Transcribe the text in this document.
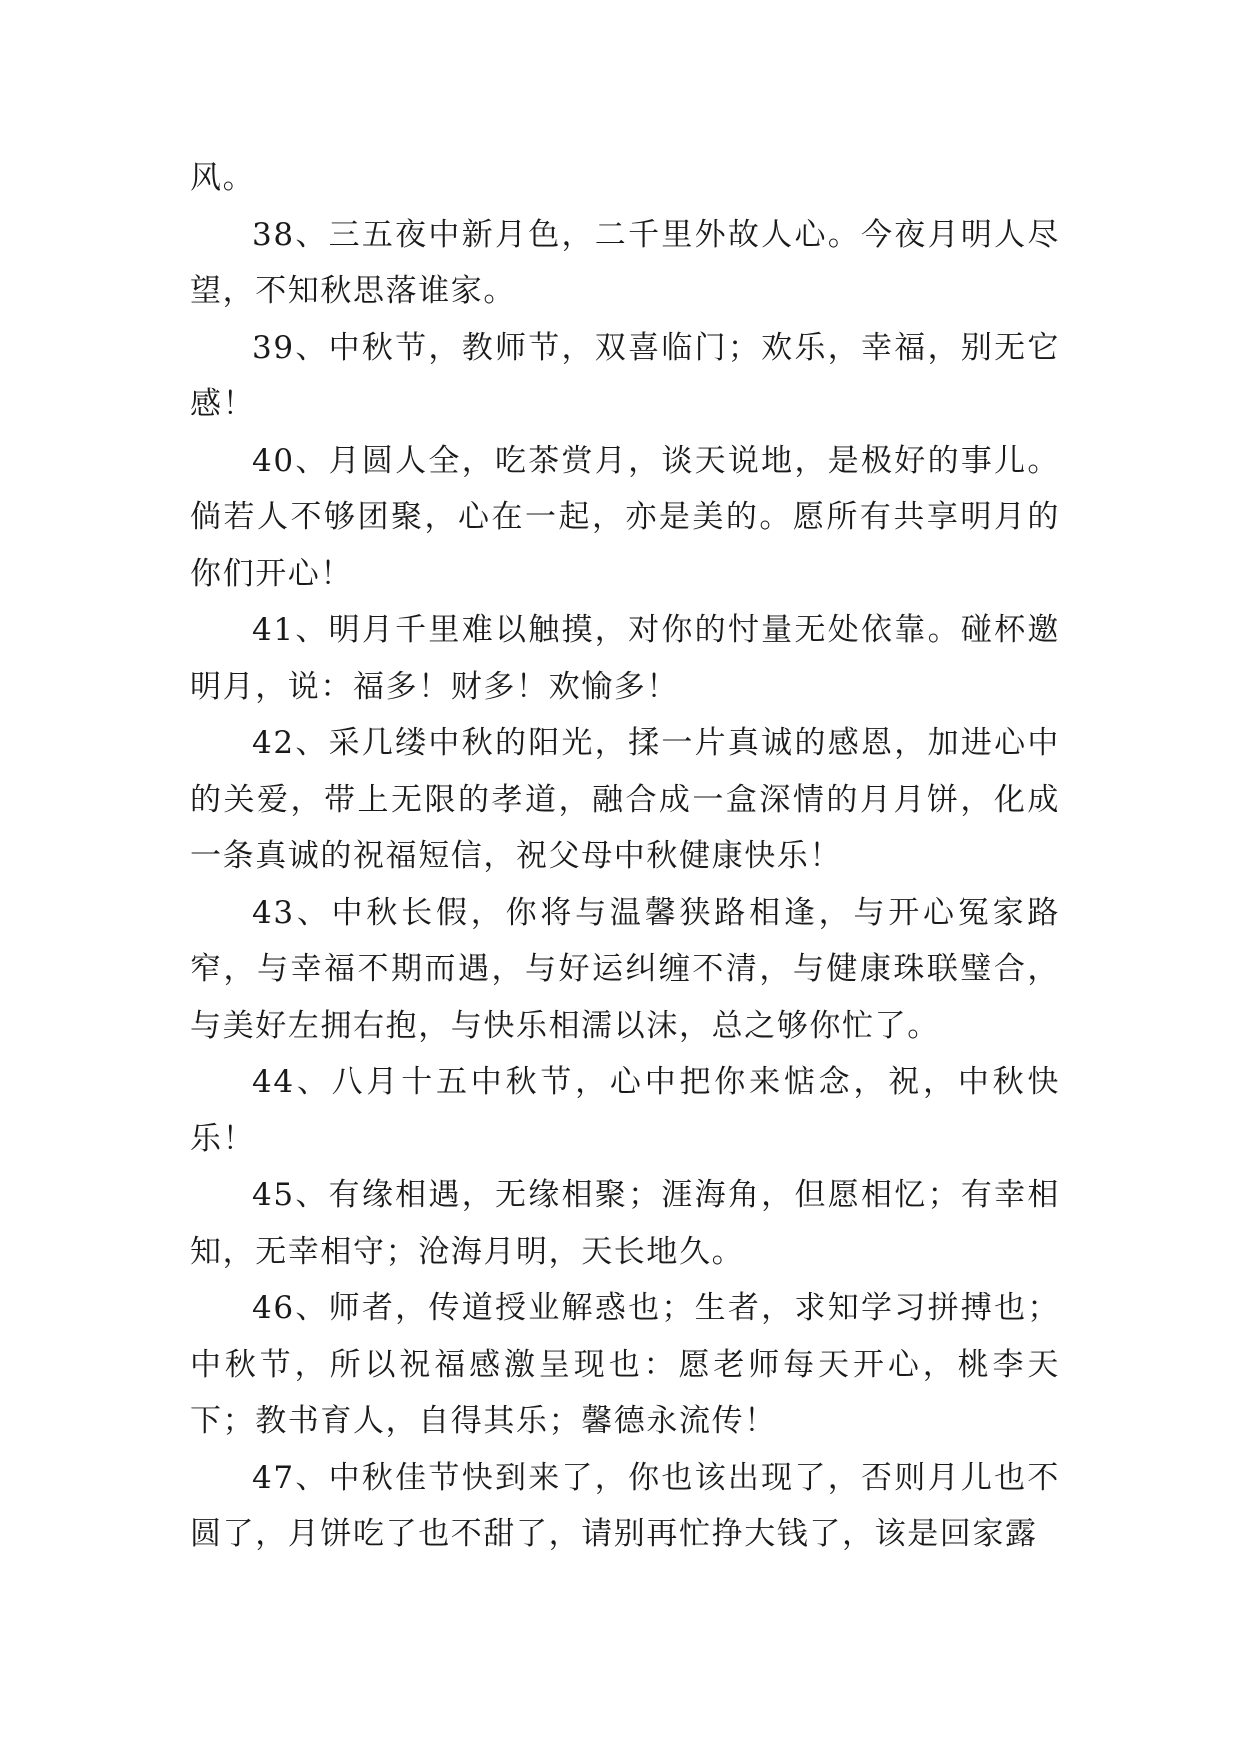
风。

38、三五夜中新月色，二千里外故人心。今夜月明人尽望，不知秋思落谁家。

39、中秋节，教师节，双喜临门；欢乐，幸福，别无它感！

40、月圆人全，吃茶赏月，谈天说地，是极好的事儿。倘若人不够团聚，心在一起，亦是美的。愿所有共享明月的你们开心！

41、明月千里难以触摸，对你的忖量无处依靠。碰杯邀明月，说：福多！财多！欢愉多！

42、采几缕中秋的阳光，揉一片真诚的感恩，加进心中的关爱，带上无限的孝道，融合成一盒深情的月月饼，化成一条真诚的祝福短信，祝父母中秋健康快乐！

43、中秋长假，你将与温馨狭路相逢，与开心冤家路窄，与幸福不期而遇，与好运纠缠不清，与健康珠联璧合，与美好左拥右抱，与快乐相濡以沫，总之够你忙了。

44、八月十五中秋节，心中把你来惦念，祝，中秋快乐！

45、有缘相遇，无缘相聚；涯海角，但愿相忆；有幸相知，无幸相守；沧海月明，天长地久。

46、师者，传道授业解惑也；生者，求知学习拼搏也；中秋节，所以祝福感激呈现也：愿老师每天开心，桃李天下；教书育人，自得其乐；馨德永流传！

47、中秋佳节快到来了，你也该出现了，否则月儿也不圆了，月饼吃了也不甜了，请别再忙挣大钱了，该是回家露
